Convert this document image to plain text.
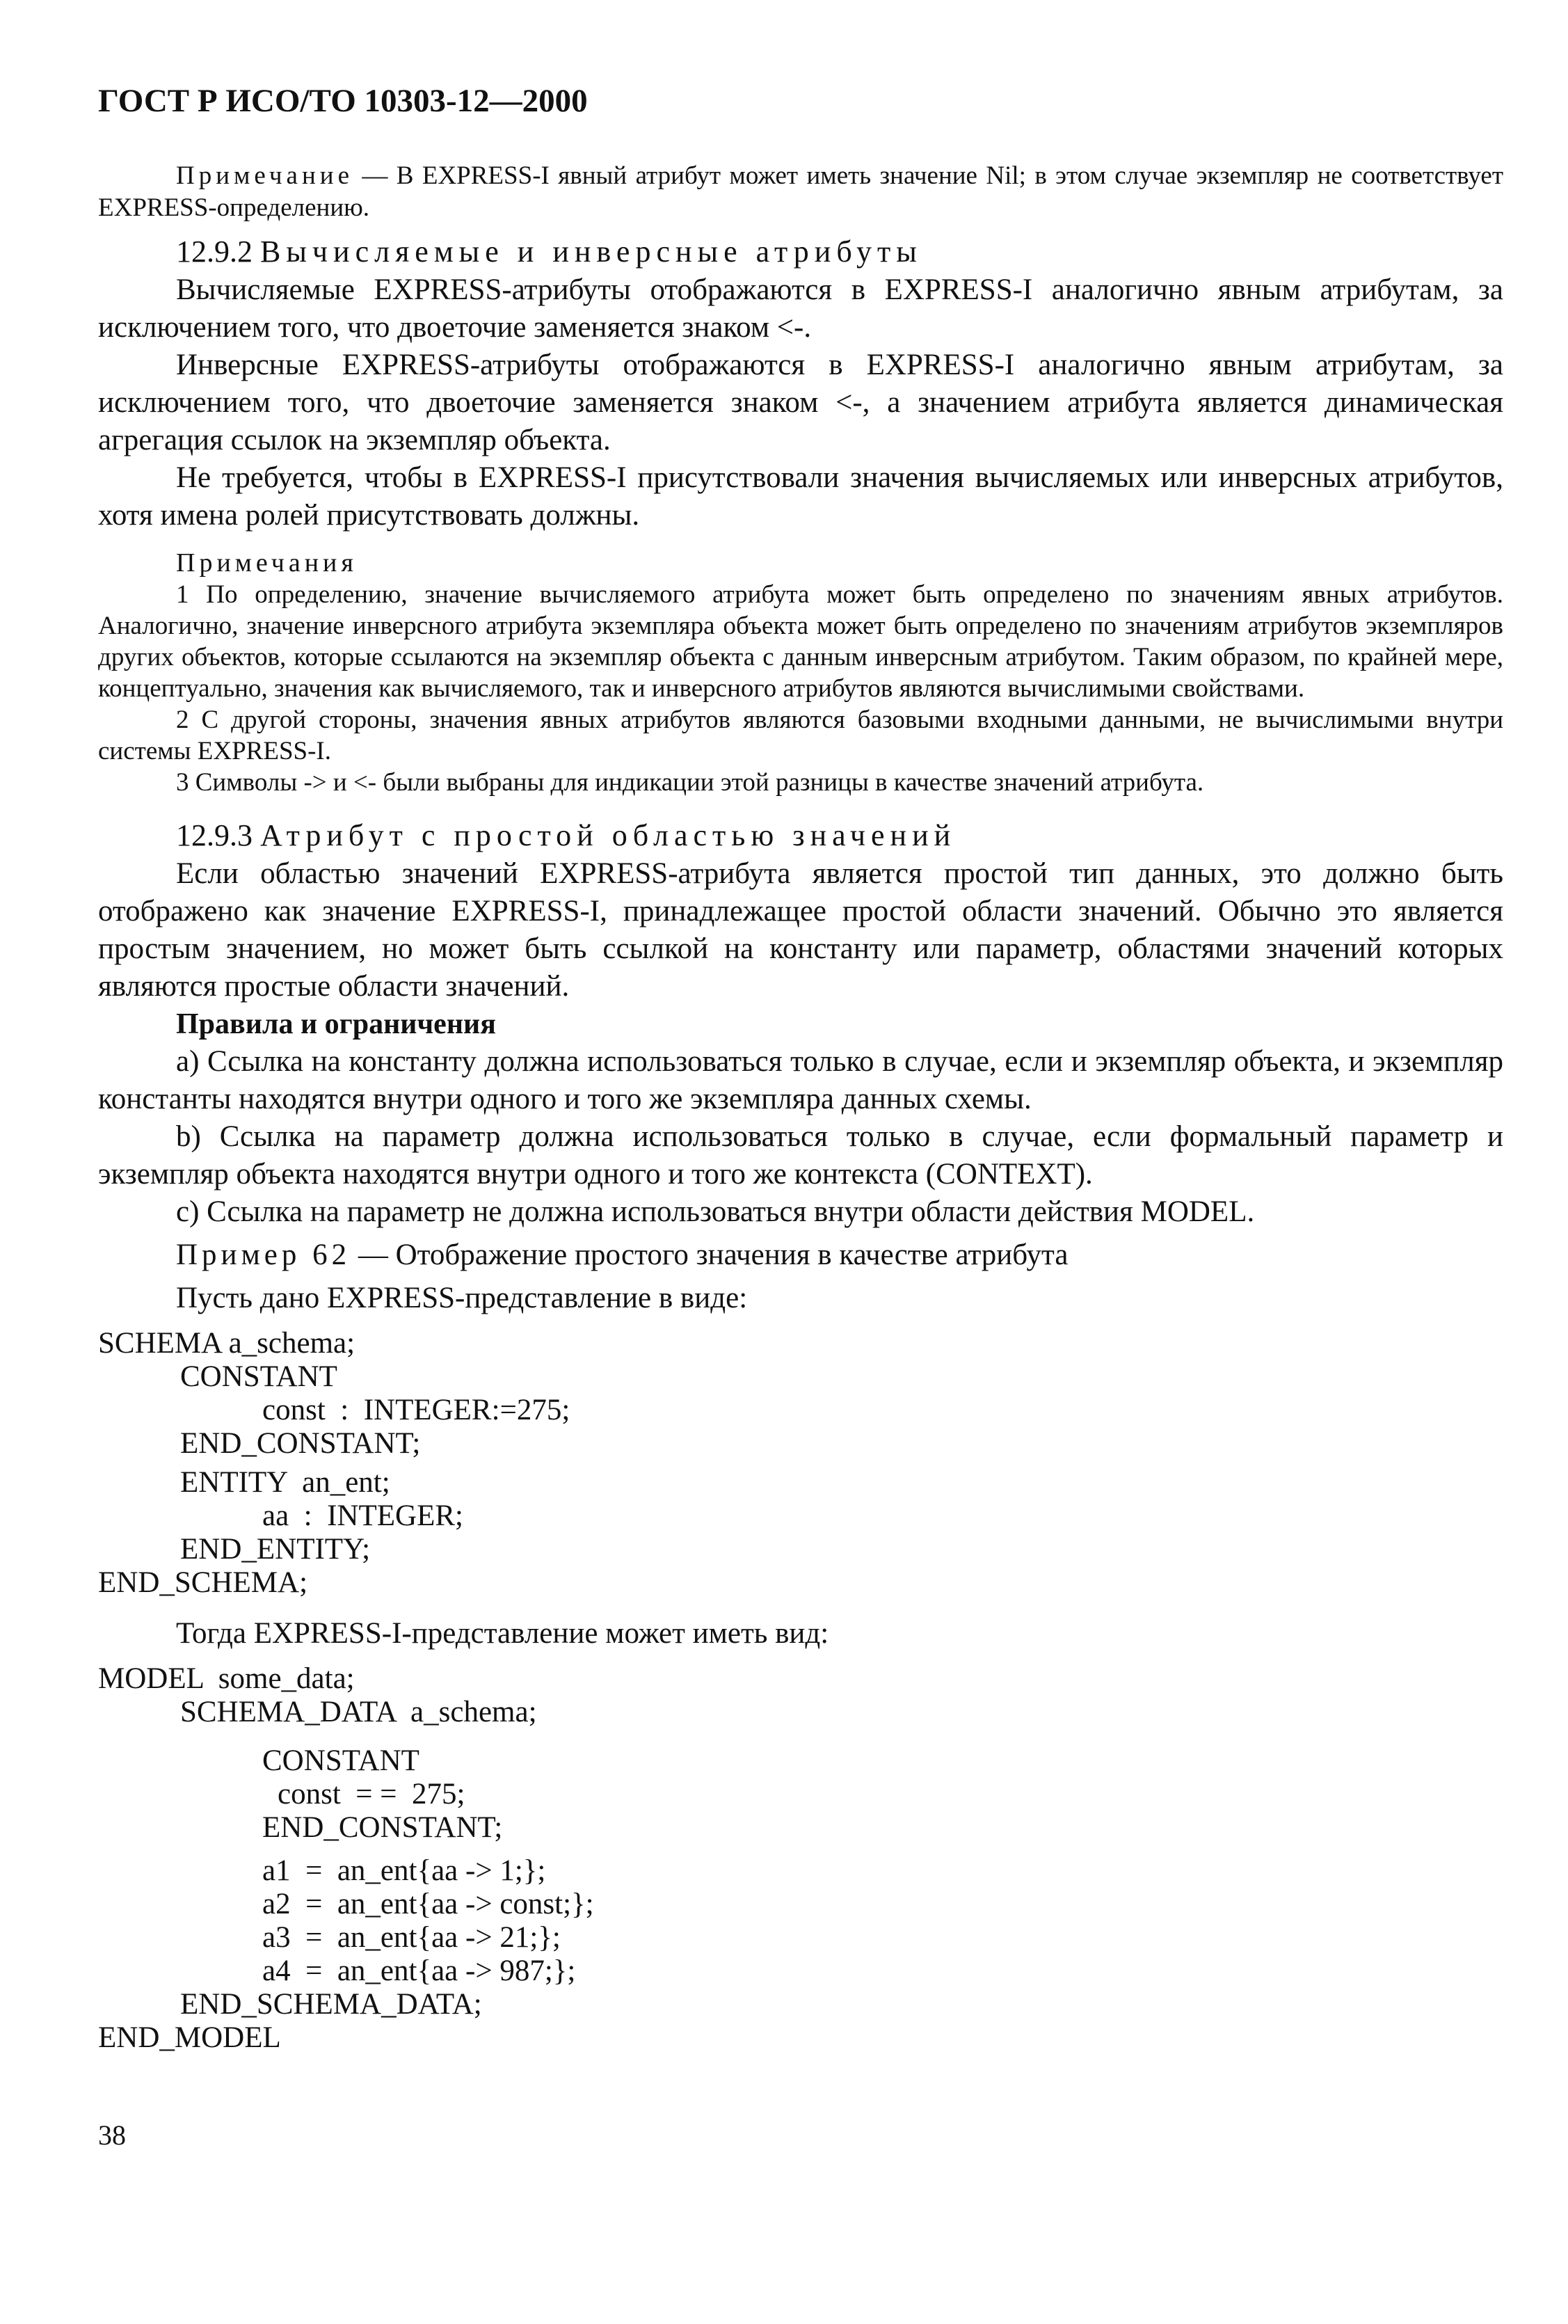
ГОСТ Р ИСО/ТО 10303-12—2000

Примечание — В EXPRESS-I явный атрибут может иметь значение Nil; в этом случае экземпляр не соответствует EXPRESS-определению.

12.9.2 Вычисляемые и инверсные атрибуты

Вычисляемые EXPRESS-атрибуты отображаются в EXPRESS-I аналогично явным атрибутам, за исключением того, что двоеточие заменяется знаком <-.

Инверсные EXPRESS-атрибуты отображаются в EXPRESS-I аналогично явным атрибутам, за исключением того, что двоеточие заменяется знаком <-, а значением атрибута является динамическая агрегация ссылок на экземпляр объекта.

Не требуется, чтобы в EXPRESS-I присутствовали значения вычисляемых или инверсных атрибутов, хотя имена ролей присутствовать должны.

Примечания

1 По определению, значение вычисляемого атрибута может быть определено по значениям явных атрибутов. Аналогично, значение инверсного атрибута экземпляра объекта может быть определено по значениям атрибутов экземпляров других объектов, которые ссылаются на экземпляр объекта с данным инверсным атрибутом. Таким образом, по крайней мере, концептуально, значения как вычисляемого, так и инверсного атрибутов являются вычислимыми свойствами.

2 С другой стороны, значения явных атрибутов являются базовыми входными данными, не вычислимыми внутри системы EXPRESS-I.

3 Символы -> и <- были выбраны для индикации этой разницы в качестве значений атрибута.

12.9.3 Атрибут с простой областью значений

Если областью значений EXPRESS-атрибута является простой тип данных, это должно быть отображено как значение EXPRESS-I, принадлежащее простой области значений. Обычно это является простым значением, но может быть ссылкой на константу или параметр, областями значений которых являются простые области значений.

Правила и ограничения

a) Ссылка на константу должна использоваться только в случае, если и экземпляр объекта, и экземпляр константы находятся внутри одного и того же экземпляра данных схемы.

b) Ссылка на параметр должна использоваться только в случае, если формальный параметр и экземпляр объекта находятся внутри одного и того же контекста (CONTEXT).

c) Ссылка на параметр не должна использоваться внутри области действия MODEL.

Пример 62 — Отображение простого значения в качестве атрибута

Пусть дано EXPRESS-представление в виде:

SCHEMA a_schema;

CONSTANT

const  :  INTEGER:=275;

END_CONSTANT;

ENTITY  an_ent;

aa  :  INTEGER;

END_ENTITY;

END_SCHEMA;

Тогда EXPRESS-I-представление может иметь вид:

MODEL  some_data;

SCHEMA_DATA  a_schema;

CONSTANT

const  = =  275;

END_CONSTANT;

a1  =  an_ent{aa -> 1;};

a2  =  an_ent{aa -> const;};

a3  =  an_ent{aa -> 21;};

a4  =  an_ent{aa -> 987;};

END_SCHEMA_DATA;

END_MODEL

38
